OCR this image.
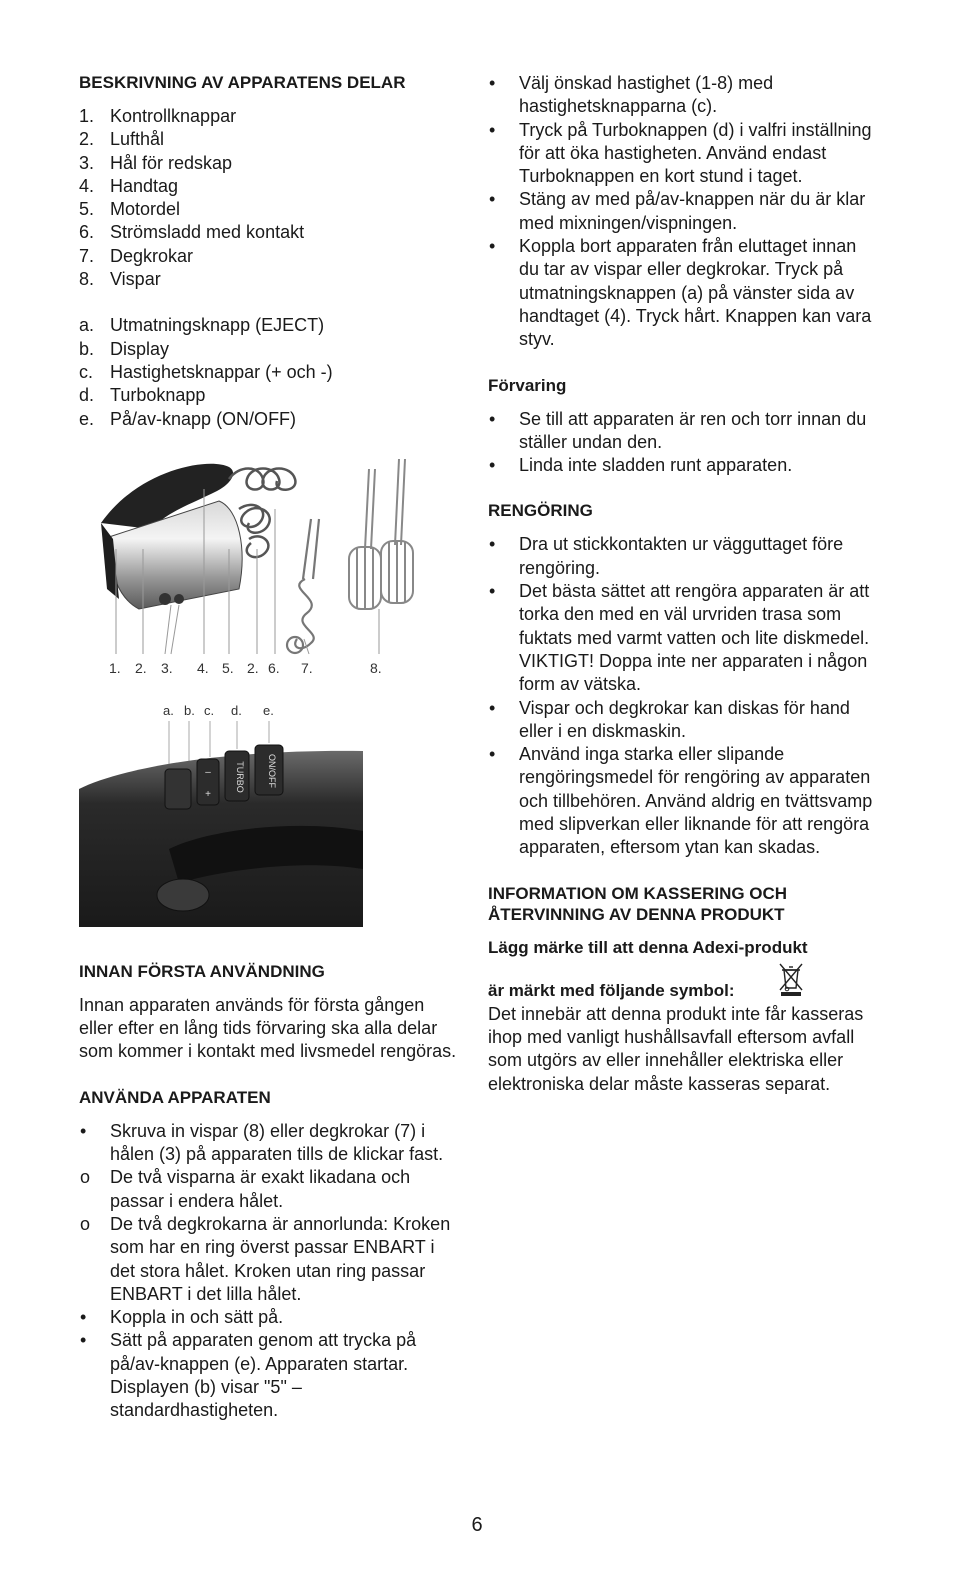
BESKRIVNING AV APPARATENS DELAR
1. Kontrollknappar
2. Lufthål
3. Hål för redskap
4. Handtag
5. Motordel
6. Strömsladd med kontakt
7. Degkrokar
8. Vispar
a. Utmatningsknapp (EJECT)
b. Display
c. Hastighetsknappar (+ och -)
d. Turboknapp
e. På/av-knapp (ON/OFF)
1. 2. 3. 4. 5. 2. 6. 7.	8.
a. b. c. d. e.
–
+
TURBO ON/OFF
INNAN FÖRSTA ANVÄNDNING
Innan apparaten används för första gången eller efter en lång tids förvaring ska alla delar som kommer i kontakt med livsmedel rengöras.
ANVÄNDA APPARATEN
• Skruva in vispar (8) eller degkrokar (7) i hålen (3) på apparaten tills de klickar fast.
o De två visparna är exakt likadana och passar i endera hålet.
o De två degkrokarna är annorlunda: Kroken som har en ring överst passar ENBART i det stora hålet. Kroken utan ring passar ENBART i det lilla hålet.
• Koppla in och sätt på.
• Sätt på apparaten genom att trycka på på/av-knappen (e). Apparaten startar. Displayen (b) visar "5" – standardhastigheten.
• Välj önskad hastighet (1-8) med hastighetsknapparna (c).
• Tryck på Turboknappen (d) i valfri inställning för att öka hastigheten. Använd endast Turboknappen en kort stund i taget.
• Stäng av med på/av-knappen när du är klar med mixningen/vispningen.
• Koppla bort apparaten från eluttaget innan du tar av vispar eller degkrokar. Tryck på utmatningsknappen (a) på vänster sida av handtaget (4). Tryck hårt. Knappen kan vara styv.
Förvaring
• Se till att apparaten är ren och torr innan du ställer undan den.
• Linda inte sladden runt apparaten.
RENGÖRING
• Dra ut stickkontakten ur vägguttaget före rengöring.
• Det bästa sättet att rengöra apparaten är att torka den med en väl urvriden trasa som fuktats med varmt vatten och lite diskmedel. VIKTIGT! Doppa inte ner apparaten i någon form av vätska.
• Vispar och degkrokar kan diskas för hand eller i en diskmaskin.
• Använd inga starka eller slipande rengöringsmedel för rengöring av apparaten och tillbehören. Använd aldrig en tvättsvamp med slipverkan eller liknande för att rengöra apparaten, eftersom ytan kan skadas.
INFORMATION OM KASSERING OCH
ÅTERVINNING AV DENNA PRODUKT
Lägg märke till att denna Adexi-produkt
är märkt med följande symbol:
Det innebär att denna produkt inte får kasseras ihop med vanligt hushållsavfall eftersom avfall som utgörs av eller innehåller elektriska eller elektroniska delar måste kasseras separat.
6
